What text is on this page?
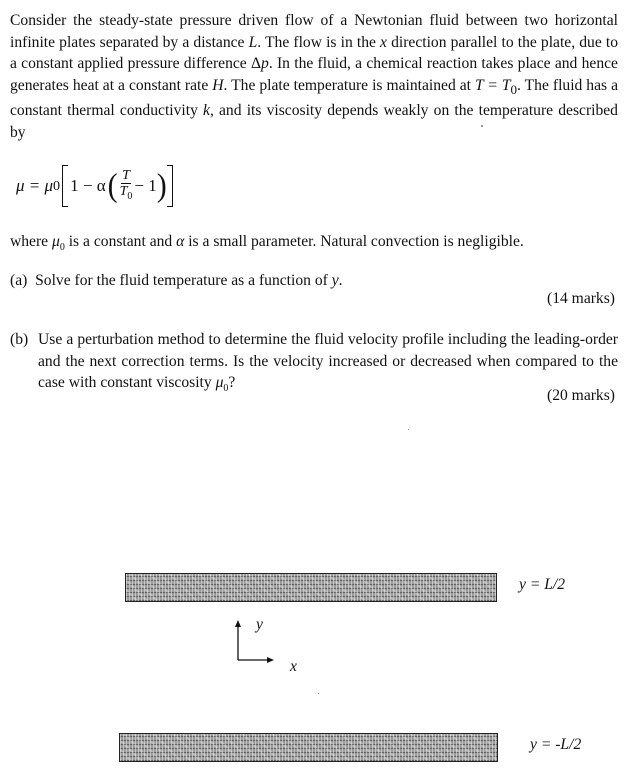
Consider the steady-state pressure driven flow of a Newtonian fluid between two horizontal infinite plates separated by a distance L. The flow is in the x direction parallel to the plate, due to a constant applied pressure difference Δp. In the fluid, a chemical reaction takes place and hence generates heat at a constant rate H. The plate temperature is maintained at $T = T_0$. The fluid has a constant thermal conductivity k, and its viscosity depends weakly on the temperature described by
μ = μ 0 1 − α ( $\frac{T}{T_0} - 1$ )
where $\mu_0$ is a constant and α is a small parameter. Natural convection is negligible.
(a) Solve for the fluid temperature as a function of y.
(14 marks)
(b) Use a perturbation method to determine the fluid velocity profile including the leading-order and the next correction terms. Is the velocity increased or decreased when compared to the case with constant viscosity $\mu_0$?
(20 marks)
y = L/2
y
x
y = -L/2
